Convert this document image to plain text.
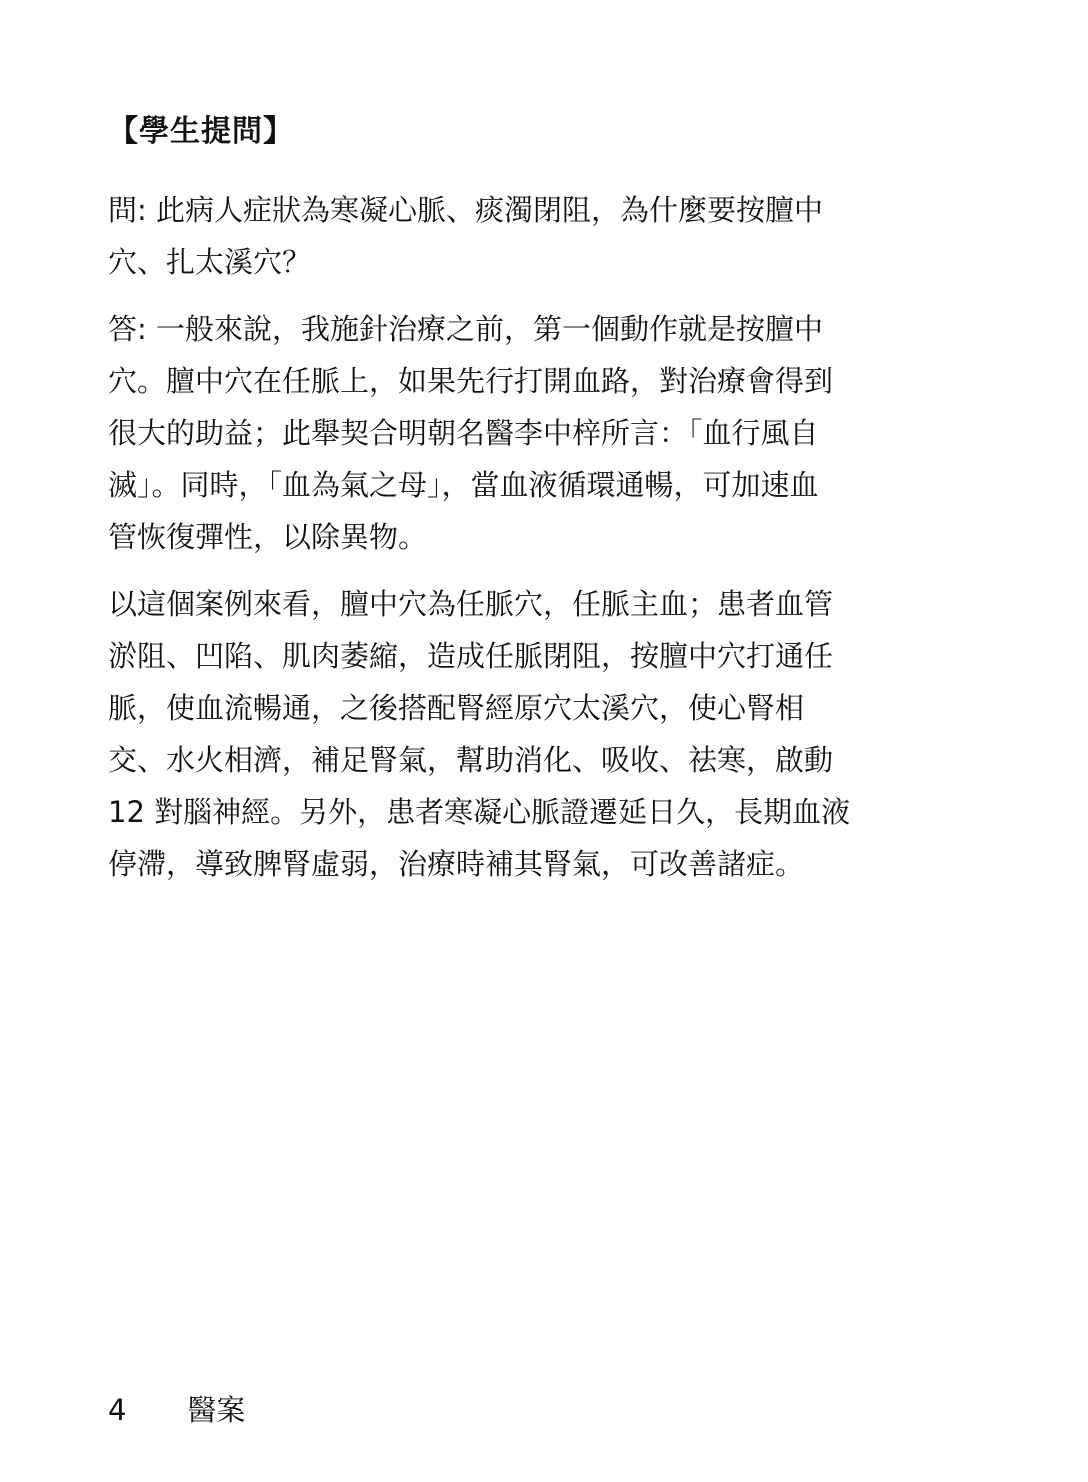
【學生提問】

問: 此病人症狀為寒凝心脈、痰濁閉阻，為什麼要按膻中
穴、扎太溪穴？

答: 一般來說，我施針治療之前，第一個動作就是按膻中
穴。膻中穴在任脈上，如果先行打開血路，對治療會得到
很大的助益；此舉契合明朝名醫李中梓所言：「血行風自
滅」。同時，「血為氣之母」，當血液循環通暢，可加速血
管恢復彈性，以除異物。

以這個案例來看，膻中穴為任脈穴，任脈主血；患者血管
淤阻、凹陷、肌肉萎縮，造成任脈閉阻，按膻中穴打通任
脈，使血流暢通，之後搭配腎經原穴太溪穴，使心腎相
交、水火相濟，補足腎氣，幫助消化、吸收、祛寒，啟動
12 對腦神經。另外，患者寒凝心脈證遷延日久，長期血液
停滯，導致脾腎虛弱，治療時補其腎氣，可改善諸症。

4 醫案
